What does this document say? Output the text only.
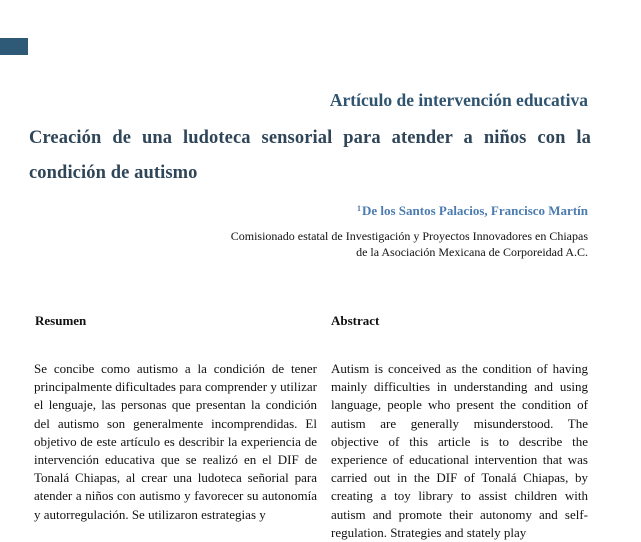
Artículo de intervención educativa
Creación de una ludoteca sensorial para atender a niños con la condición de autismo
$^1$De los Santos Palacios, Francisco Martín
Comisionado estatal de Investigación y Proyectos Innovadores en Chiapas
de la Asociación Mexicana de Corporeidad A.C.
Resumen	Abstract
Se concibe como autismo a la condición de tener principalmente dificultades para comprender y utilizar el lenguaje, las personas que presentan la condición del autismo son generalmente incomprendidas. El objetivo de este artículo es describir la experiencia de intervención educativa que se realizó en el DIF de Tonalá Chiapas, al crear una ludoteca señorial para atender a niños con autismo y favorecer su autonomía y autorregulación. Se utilizaron estrategias y
Autism is conceived as the condition of having mainly difficulties in understanding and using language, people who present the condition of autism are generally misunderstood. The objective of this article is to describe the experience of educational intervention that was carried out in the DIF of Tonalá Chiapas, by creating a toy library to assist children with autism and promote their autonomy and self-regulation. Strategies and stately play
